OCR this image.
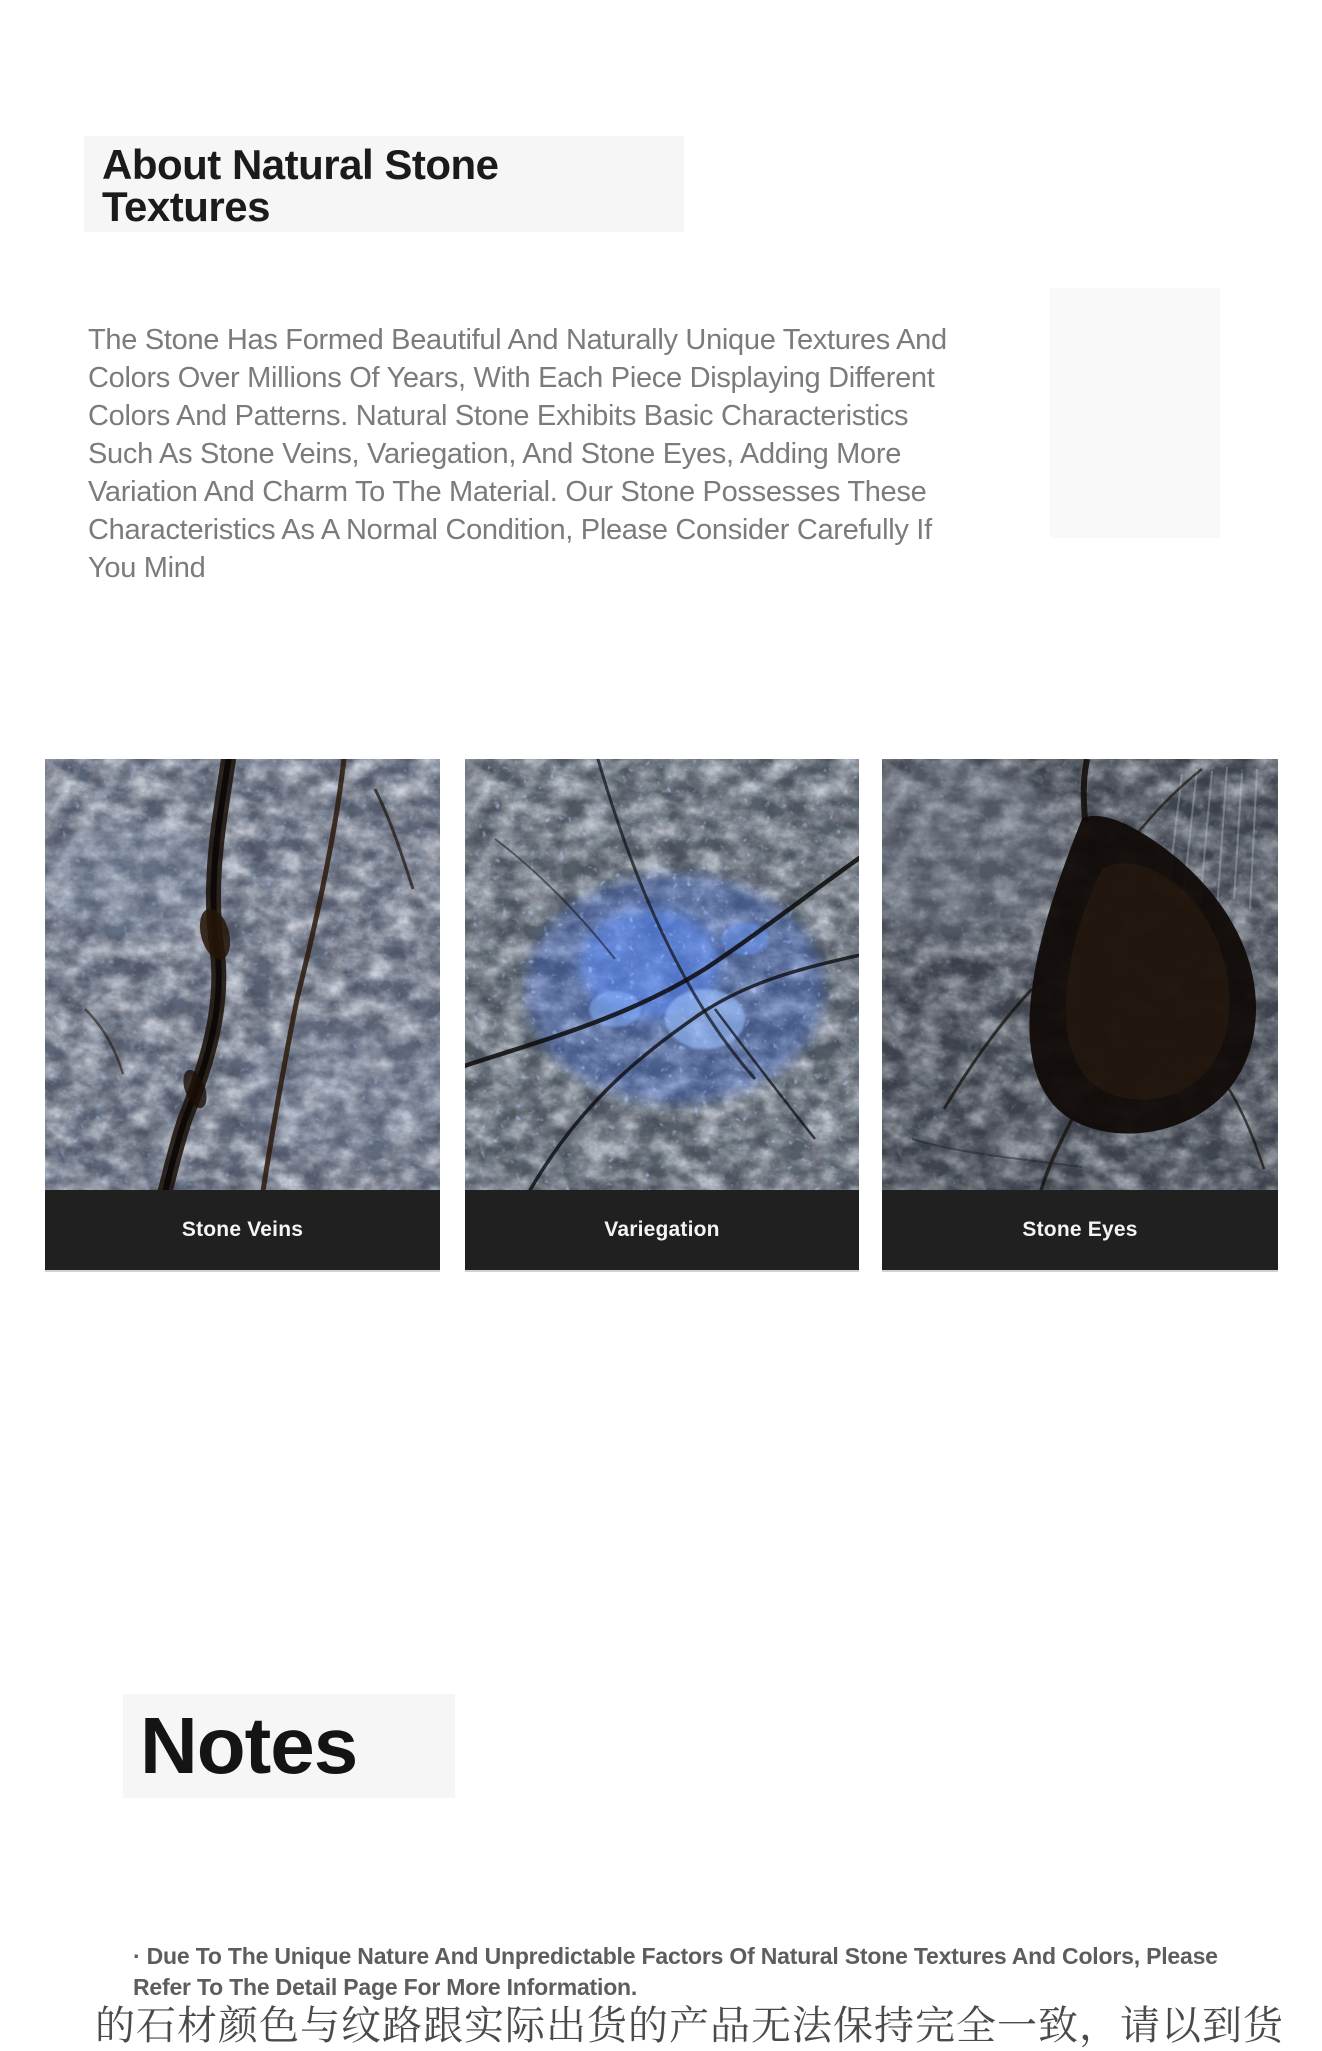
About Natural Stone Textures

The Stone Has Formed Beautiful And Naturally Unique Textures And Colors Over Millions Of Years, With Each Piece Displaying Different Colors And Patterns. Natural Stone Exhibits Basic Characteristics Such As Stone Veins, Variegation, And Stone Eyes, Adding More Variation And Charm To The Material. Our Stone Possesses These Characteristics As A Normal Condition, Please Consider Carefully If You Mind

Stone Veins	Variegation	Stone Eyes
Notes

· Due To The Unique Nature And Unpredictable Factors Of Natural Stone Textures And Colors, Please Refer To The Detail Page For More Information.

的石材颜色与纹路跟实际出货的产品无法保持完全一致，请以到货
